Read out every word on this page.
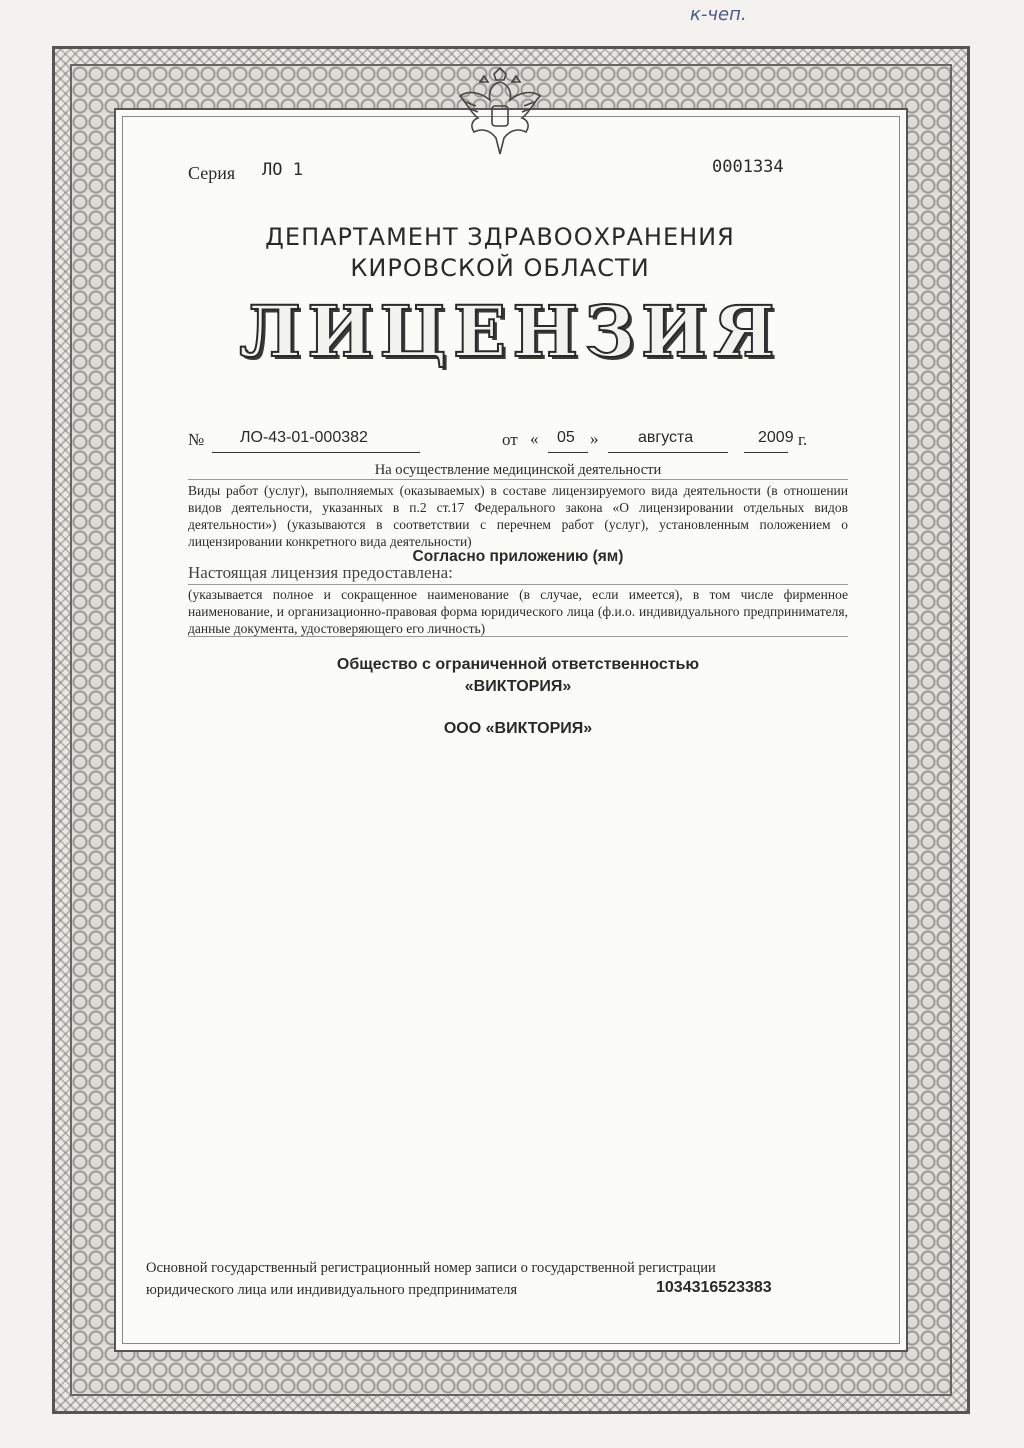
к-чеп.
Серия ЛО 1	0001334
ДЕПАРТАМЕНТ ЗДРАВООХРАНЕНИЯ
КИРОВСКОЙ ОБЛАСТИ
ЛИЦЕНЗИЯ
№ ЛО-43-01-000382	от « 05 » августа	2009 г.
На осуществление медицинской деятельности
Виды работ (услуг), выполняемых (оказываемых) в составе лицензируемого вида деятельности (в отношении видов деятельности, указанных в п.2 ст.17 Федерального закона «О лицензировании отдельных видов деятельности») (указываются в соответствии с перечнем работ (услуг), установленным положением о лицензировании конкретного вида деятельности)
Согласно приложению (ям)
Настоящая лицензия предоставлена:
(указывается полное и сокращенное наименование (в случае, если имеется), в том числе фирменное наименование, и организационно-правовая форма юридического лица (ф.и.о. индивидуального предпринимателя, данные документа, удостоверяющего его личность)
Общество с ограниченной ответственностью
«ВИКТОРИЯ»
ООО «ВИКТОРИЯ»
Основной государственный регистрационный номер записи о государственной регистрации
юридического лица или индивидуального предпринимателя	1034316523383
